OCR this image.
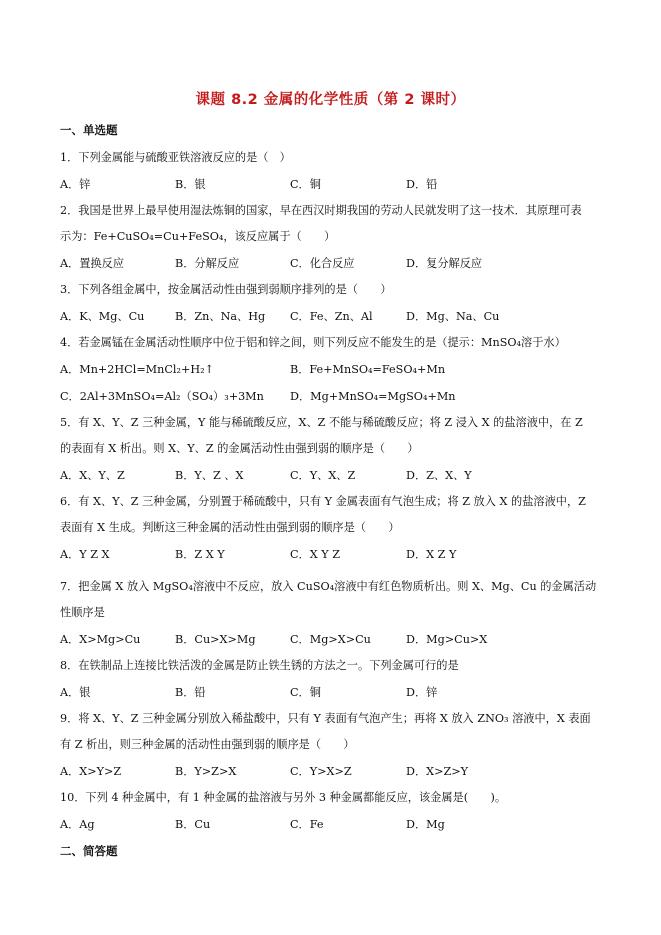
课题 8.2 金属的化学性质（第 2 课时）
一、单选题
1．下列金属能与硫酸亚铁溶液反应的是（　）
A．锌	B．银	C．铜	D．铅
2．我国是世界上最早使用湿法炼铜的国家，早在西汉时期我国的劳动人民就发明了这一技术．其原理可表
示为：Fe+CuSO₄=Cu+FeSO₄，该反应属于（　　）
A．置换反应	B．分解反应	C．化合反应	D．复分解反应
3．下列各组金属中，按金属活动性由强到弱顺序排列的是（　　）
A．K、Mg、Cu	B．Zn、Na、Hg C．Fe、Zn、Al	D．Mg、Na、Cu
4．若金属锰在金属活动性顺序中位于铝和锌之间，则下列反应不能发生的是（提示：MnSO₄溶于水）
A．Mn+2HCl=MnCl₂+H₂↑	B．Fe+MnSO₄=FeSO₄+Mn
C．2Al+3MnSO₄=Al₂（SO₄）₃+3Mn D．Mg+MnSO₄=MgSO₄+Mn
5．有 X、Y、Z 三种金属，Y 能与稀硫酸反应，X、Z 不能与稀硫酸反应；将 Z 浸入 X 的盐溶液中，在 Z
的表面有 X 析出。则 X、Y、Z 的金属活动性由强到弱的顺序是（　　）
A．X、Y、Z	B．Y、Z 、X	C．Y、X、Z	D．Z、X、Y
6．有 X、Y、Z 三种金属，分别置于稀硫酸中，只有 Y 金属表面有气泡生成；将 Z 放入 X 的盐溶液中，Z
表面有 X 生成。判断这三种金属的活动性由强到弱的顺序是（　　）
A．Y Z X	B．Z X Y	C．X Y Z	D．X Z Y
7．把金属 X 放入 MgSO₄溶液中不反应，放入 CuSO₄溶液中有红色物质析出。则 X、Mg、Cu 的金属活动
性顺序是
A．X>Mg>Cu	B．Cu>X>Mg	C．Mg>X>Cu	D．Mg>Cu>X
8．在铁制品上连接比铁活泼的金属是防止铁生锈的方法之一。下列金属可行的是
A．银	B．铅	C．铜	D．锌
9．将 X、Y、Z 三种金属分别放入稀盐酸中，只有 Y 表面有气泡产生；再将 X 放入 ZNO₃ 溶液中，X 表面
有 Z 析出，则三种金属的活动性由强到弱的顺序是（　　）
A．X>Y>Z	B．Y>Z>X	C．Y>X>Z	D．X>Z>Y
10．下列 4 种金属中，有 1 种金属的盐溶液与另外 3 种金属都能反应，该金属是(　　)。
A．Ag	B．Cu	C．Fe	D．Mg
二、简答题
